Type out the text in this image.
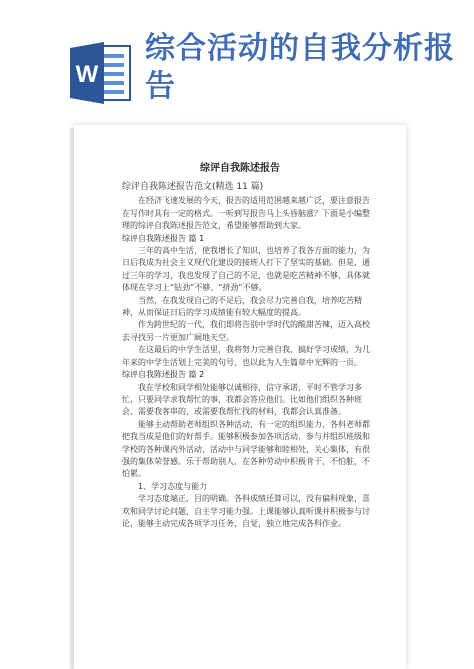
W
综合活动的自我分析报告
综评自我陈述报告

综评自我陈述报告范文(精选 11 篇)

在经济飞速发展的今天，报告的适用范围越来越广泛，要注意报告在写作时具有一定的格式。一听到写报告马上头昏脑涨？下面是小编整理的综评自我陈述报告范文，希望能够帮助到大家。

综评自我陈述报告 篇 1

三年的高中生活，使我增长了知识，也培养了我各方面的能力，为日后我成为社会主义现代化建设的接班人打下了坚实的基础。但是，通过三年的学习，我也发现了自己的不足，也就是吃苦精神不够，具体就体现在学习上“钻劲”不够、“挤劲”不够。

当然，在我发现自己的不足后，我会尽力完善自我，培养吃苦精神，从而保证日后的学习成绩能有较大幅度的提高。

作为跨世纪的一代，我们即将告别中学时代的酸甜苦辣，迈入高校去寻找另一片更加广阔地天空。

在这最后的中学生活里，我将努力完善自我，搞好学习成绩，为几年来的中学生活划上完美的句号，也以此为人生篇章中光辉的一页。

综评自我陈述报告 篇 2

我在学校和同学相处能够以诚相待，信守承诺，平时不管学习多忙，只要同学求我帮忙的事，我都会答应他们。比如他们组织各种班会、需要我客串的，或需要我帮忙找的材料，我都会认真准备。

能够主动帮助老师组织各种活动，有一定的组织能力，各科老师都把我当成是他们的好帮手。能够积极参加各项活动，参与并组织班级和学校的各种课内外活动，活动中与同学能够和睦相处，关心集体，有很强的集体荣誉感。乐于帮助别人，在各种劳动中积极肯干，不怕脏，不怕累。

1、学习态度与能力

学习态度端正，目的明确。各科成绩还算可以，没有偏科现象，喜欢和同学讨论问题，自主学习能力强。上课能够认真听课并积极参与讨论，能够主动完成各项学习任务，自觉，独立地完成各科作业。
